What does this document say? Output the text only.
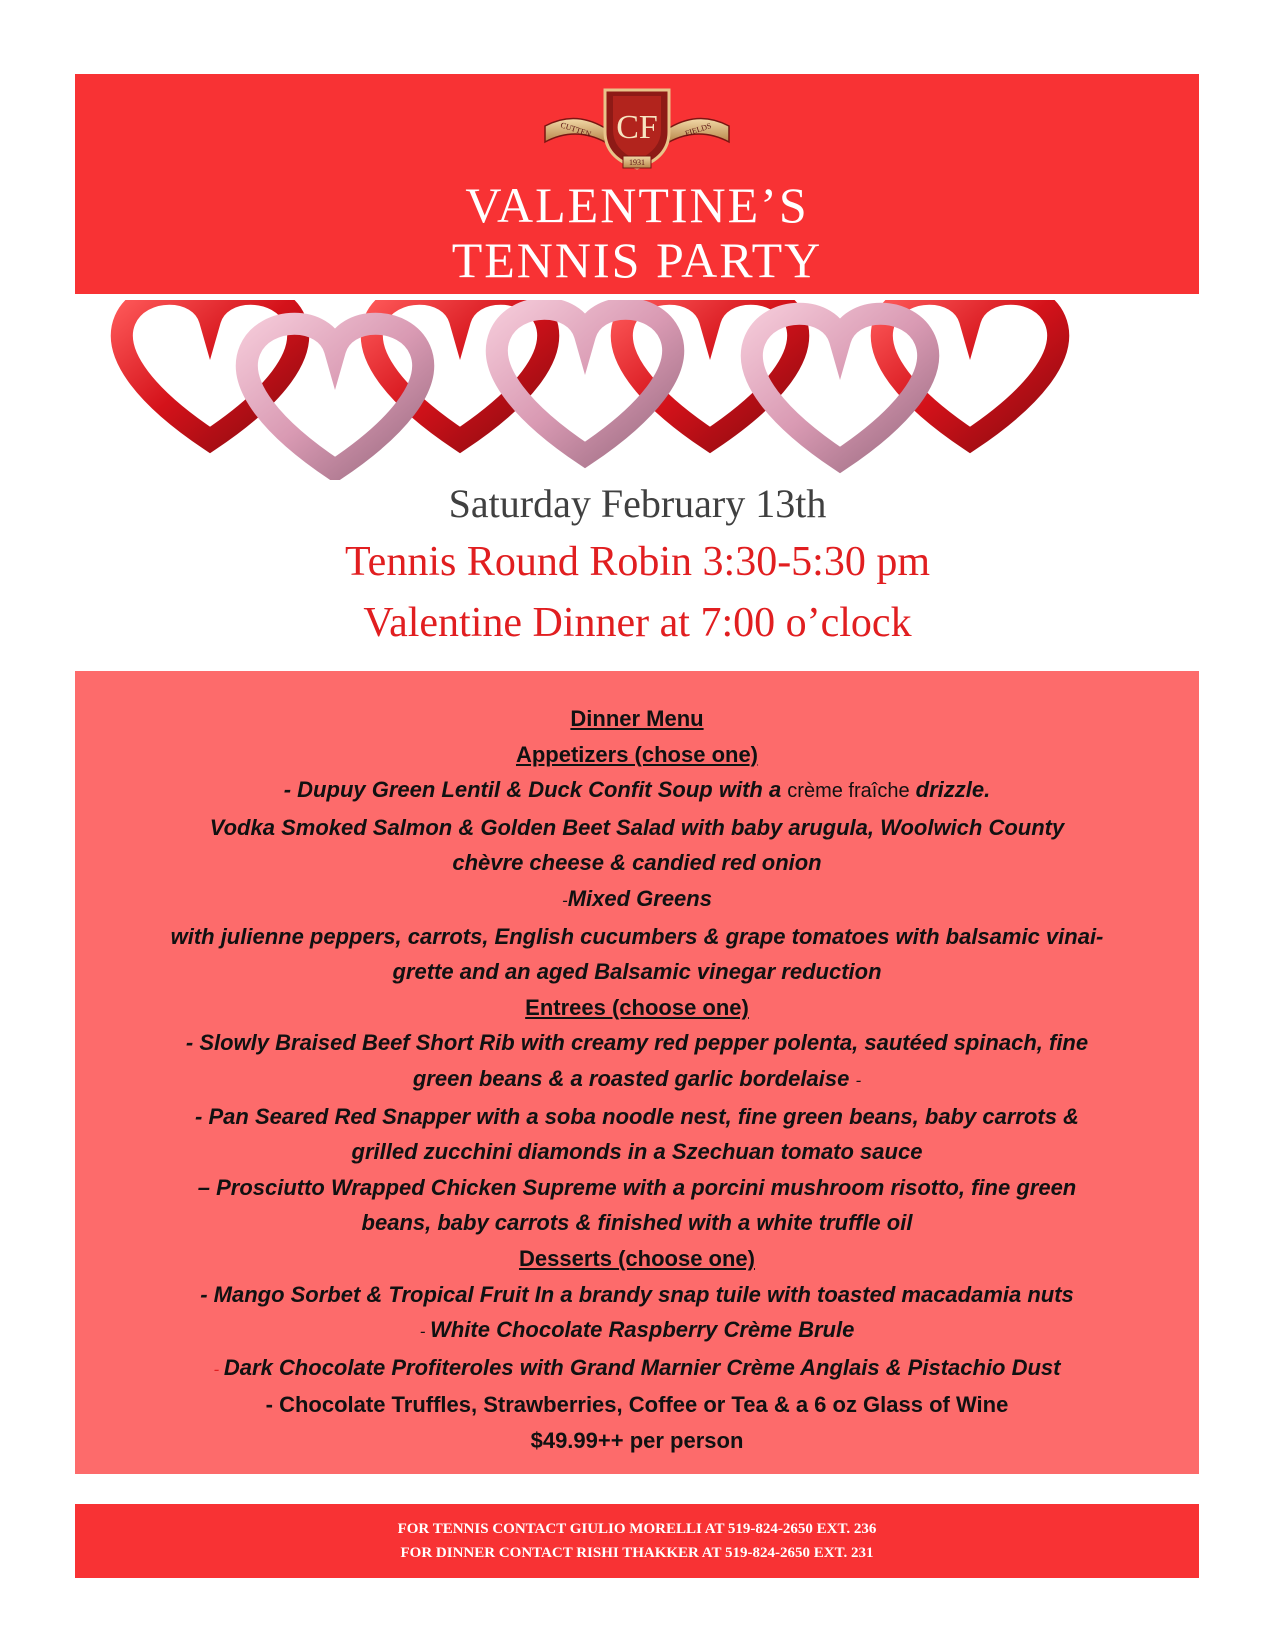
CF
CUTTEN	FIELDS
1931
VALENTINE’S
TENNIS PARTY
Saturday February 13th
Tennis Round Robin 3:30-5:30 pm
Valentine Dinner at 7:00 o’clock
Dinner Menu
Appetizers (chose one)
- Dupuy Green Lentil & Duck Confit Soup with a crème fraîche drizzle.
Vodka Smoked Salmon & Golden Beet Salad with baby arugula, Woolwich County
chèvre cheese & candied red onion
-Mixed Greens
with julienne peppers, carrots, English cucumbers & grape tomatoes with balsamic vinai-
grette and an aged Balsamic vinegar reduction
Entrees (choose one)
- Slowly Braised Beef Short Rib with creamy red pepper polenta, sautéed spinach, fine
green beans & a roasted garlic bordelaise -
- Pan Seared Red Snapper with a soba noodle nest, fine green beans, baby carrots &
grilled zucchini diamonds in a Szechuan tomato sauce
– Prosciutto Wrapped Chicken Supreme with a porcini mushroom risotto, fine green
beans, baby carrots & finished with a white truffle oil
Desserts (choose one)
- Mango Sorbet & Tropical Fruit In a brandy snap tuile with toasted macadamia nuts
- White Chocolate Raspberry Crème Brule
- Dark Chocolate Profiteroles with Grand Marnier Crème Anglais & Pistachio Dust
- Chocolate Truffles, Strawberries, Coffee or Tea & a 6 oz Glass of Wine
$49.99++ per person
FOR TENNIS CONTACT GIULIO MORELLI AT 519-824-2650 EXT. 236
FOR DINNER CONTACT RISHI THAKKER AT 519-824-2650 EXT. 231
